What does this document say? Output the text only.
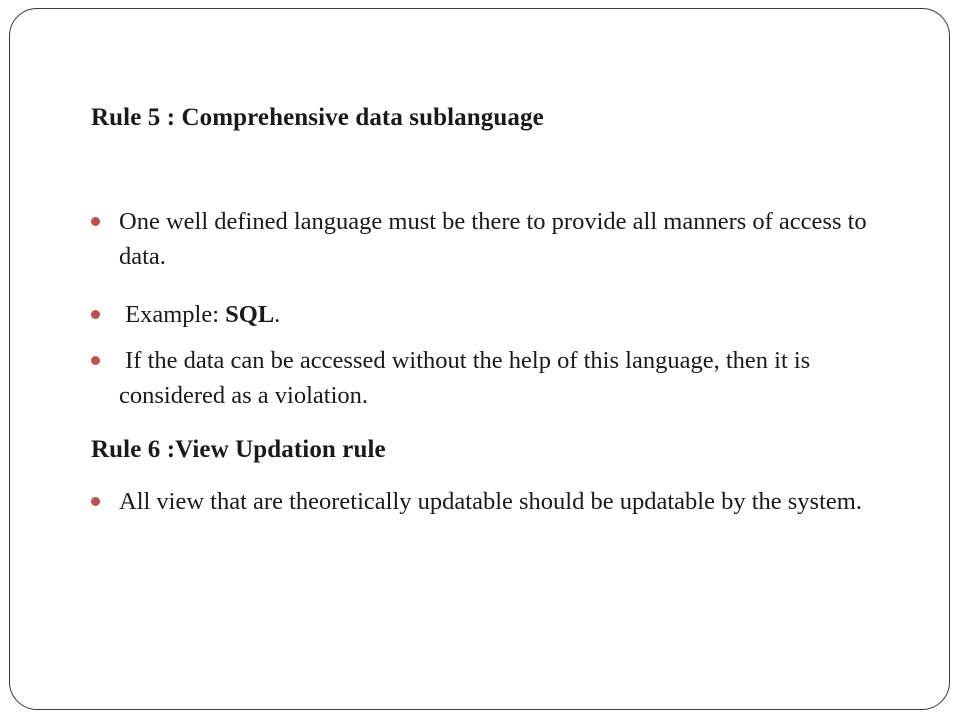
Rule 5 : Comprehensive data sublanguage
One well defined language must be there to provide all manners of access to data.
Example: SQL.
If the data can be accessed without the help of this language, then it is considered as a violation.
Rule 6 :View Updation rule
All view that are theoretically updatable should be updatable by the system.
